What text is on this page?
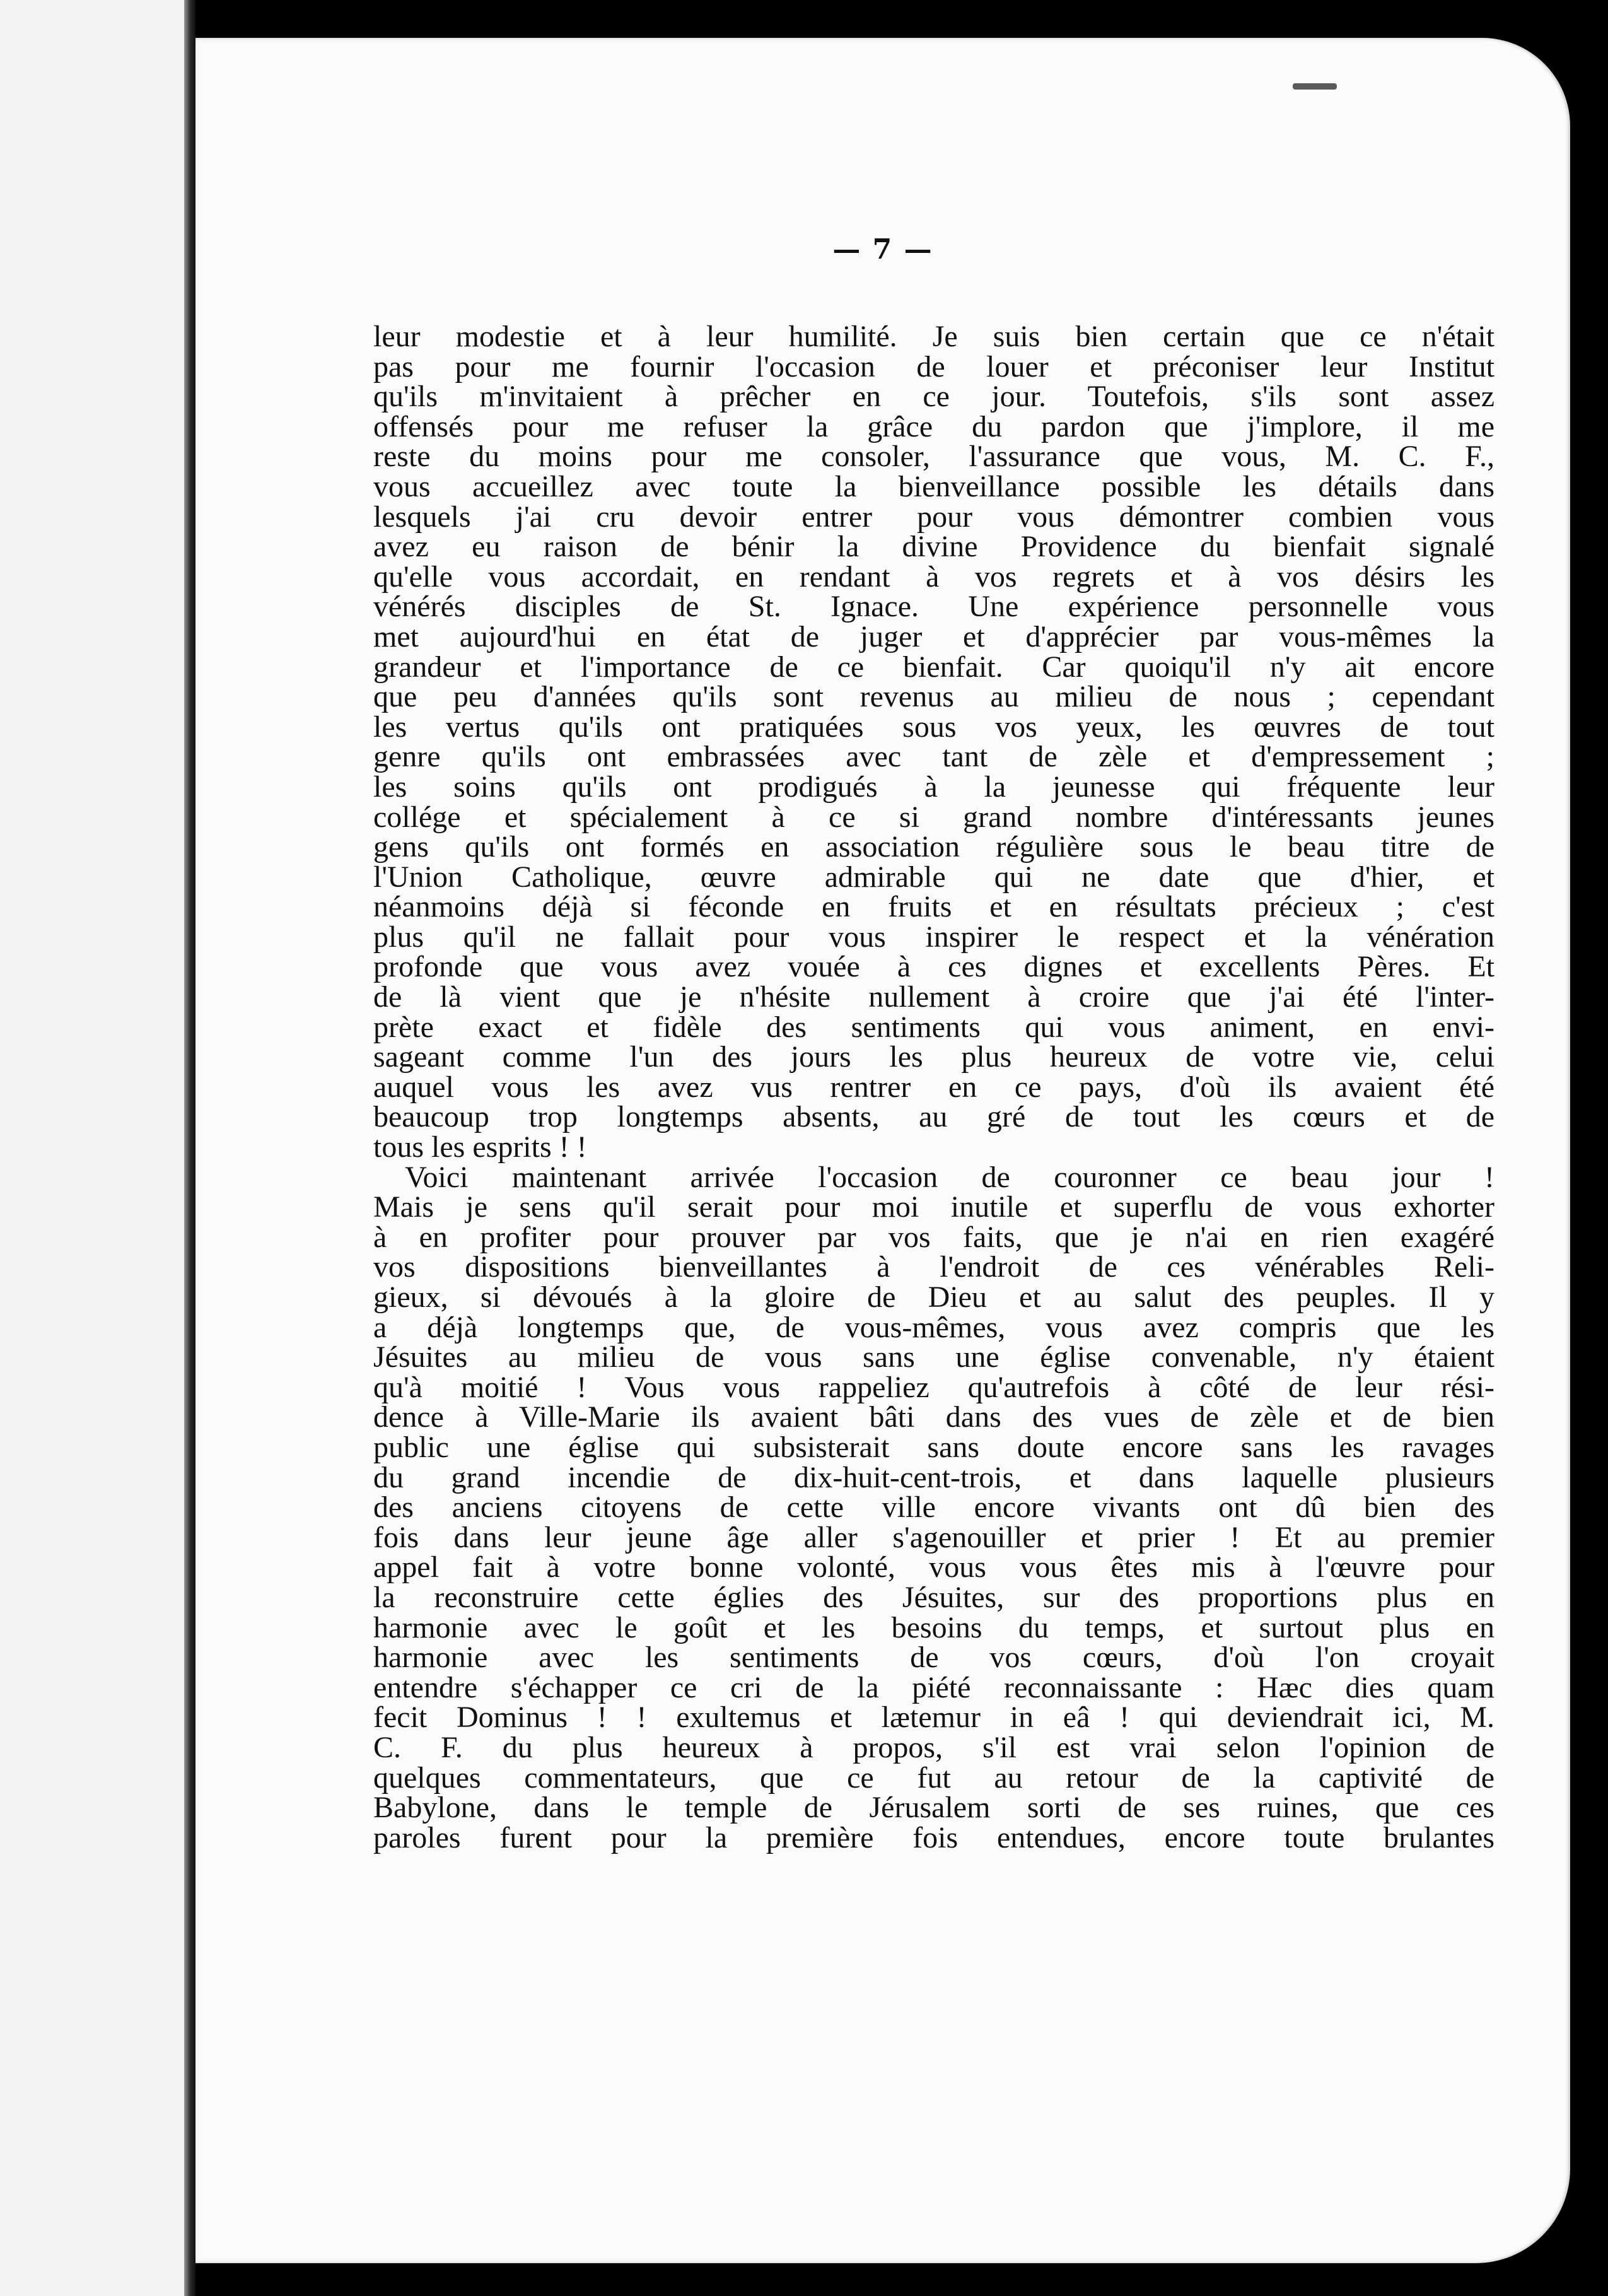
— 7 —

leur modestie et à leur humilité. Je suis bien certain que ce n'était
pas pour me fournir l'occasion de louer et préconiser leur Institut
qu'ils m'invitaient à prêcher en ce jour. Toutefois, s'ils sont assez
offensés pour me refuser la grâce du pardon que j'implore, il me
reste du moins pour me consoler, l'assurance que vous, M. C. F.,
vous accueillez avec toute la bienveillance possible les détails dans
lesquels j'ai cru devoir entrer pour vous démontrer combien vous
avez eu raison de bénir la divine Providence du bienfait signalé
qu'elle vous accordait, en rendant à vos regrets et à vos désirs les
vénérés disciples de St. Ignace. Une expérience personnelle vous
met aujourd'hui en état de juger et d'apprécier par vous-mêmes la
grandeur et l'importance de ce bienfait. Car quoiqu'il n'y ait encore
que peu d'années qu'ils sont revenus au milieu de nous ; cependant
les vertus qu'ils ont pratiquées sous vos yeux, les œuvres de tout
genre qu'ils ont embrassées avec tant de zèle et d'empressement ;
les soins qu'ils ont prodigués à la jeunesse qui fréquente leur
collége et spécialement à ce si grand nombre d'intéressants jeunes
gens qu'ils ont formés en association régulière sous le beau titre de
l'Union Catholique, œuvre admirable qui ne date que d'hier, et
néanmoins déjà si féconde en fruits et en résultats précieux ; c'est
plus qu'il ne fallait pour vous inspirer le respect et la vénération
profonde que vous avez vouée à ces dignes et excellents Pères. Et
de là vient que je n'hésite nullement à croire que j'ai été l'inter-
prète exact et fidèle des sentiments qui vous animent, en envi-
sageant comme l'un des jours les plus heureux de votre vie, celui
auquel vous les avez vus rentrer en ce pays, d'où ils avaient été
beaucoup trop longtemps absents, au gré de tout les cœurs et de
tous les esprits ! !

Voici maintenant arrivée l'occasion de couronner ce beau jour !
Mais je sens qu'il serait pour moi inutile et superflu de vous exhorter
à en profiter pour prouver par vos faits, que je n'ai en rien exagéré
vos dispositions bienveillantes à l'endroit de ces vénérables Reli-
gieux, si dévoués à la gloire de Dieu et au salut des peuples. Il y
a déjà longtemps que, de vous-mêmes, vous avez compris que les
Jésuites au milieu de vous sans une église convenable, n'y étaient
qu'à moitié ! Vous vous rappeliez qu'autrefois à côté de leur rési-
dence à Ville-Marie ils avaient bâti dans des vues de zèle et de bien
public une église qui subsisterait sans doute encore sans les ravages
du grand incendie de dix-huit-cent-trois, et dans laquelle plusieurs
des anciens citoyens de cette ville encore vivants ont dû bien des
fois dans leur jeune âge aller s'agenouiller et prier ! Et au premier
appel fait à votre bonne volonté, vous vous êtes mis à l'œuvre pour
la reconstruire cette églies des Jésuites, sur des proportions plus en
harmonie avec le goût et les besoins du temps, et surtout plus en
harmonie avec les sentiments de vos cœurs, d'où l'on croyait
entendre s'échapper ce cri de la piété reconnaissante : Hæc dies quam
fecit Dominus ! ! exultemus et lætemur in eâ ! qui deviendrait ici, M.
C. F. du plus heureux à propos, s'il est vrai selon l'opinion de
quelques commentateurs, que ce fut au retour de la captivité de
Babylone, dans le temple de Jérusalem sorti de ses ruines, que ces
paroles furent pour la première fois entendues, encore toute brulantes
